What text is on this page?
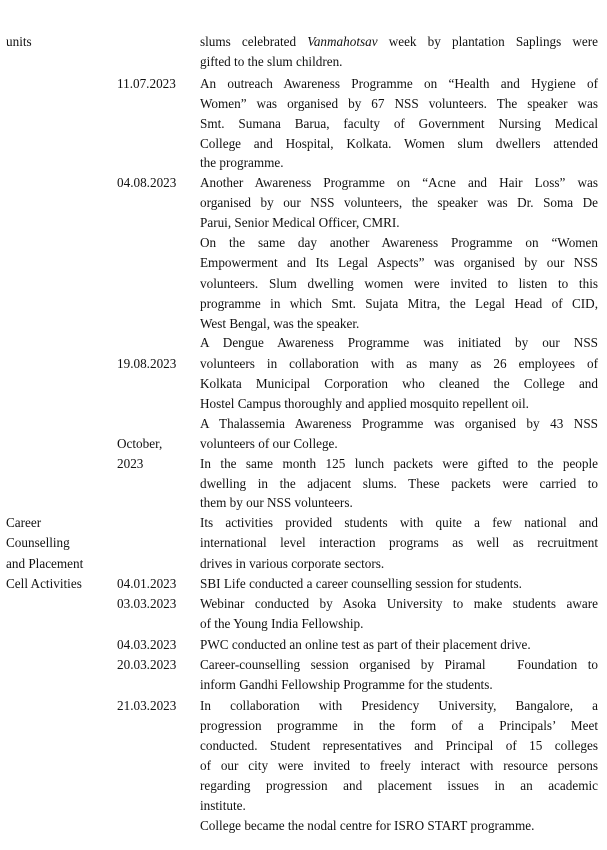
units
Career
Counselling
and Placement
Cell Activities
11.07.2023
04.08.2023
19.08.2023
October,
2023
04.01.2023
03.03.2023
04.03.2023
20.03.2023
21.03.2023
slums celebrated Vanmahotsav week by plantation Saplings were
gifted to the slum children.
An outreach Awareness Programme on “Health and Hygiene of
Women” was organised by 67 NSS volunteers. The speaker was
Smt. Sumana Barua, faculty of Government Nursing Medical
College and Hospital, Kolkata. Women slum dwellers attended
the programme.
Another Awareness Programme on “Acne and Hair Loss” was
organised by our NSS volunteers, the speaker was Dr. Soma De
Parui, Senior Medical Officer, CMRI.
On the same day another Awareness Programme on “Women
Empowerment and Its Legal Aspects” was organised by our NSS
volunteers. Slum dwelling women were invited to listen to this
programme in which Smt. Sujata Mitra, the Legal Head of CID,
West Bengal, was the speaker.
A Dengue Awareness Programme was initiated by our NSS
volunteers in collaboration with as many as 26 employees of
Kolkata Municipal Corporation who cleaned the College and
Hostel Campus thoroughly and applied mosquito repellent oil.
A Thalassemia Awareness Programme was organised by 43 NSS
volunteers of our College.
In the same month 125 lunch packets were gifted to the people
dwelling in the adjacent slums. These packets were carried to
them by our NSS volunteers.
Its activities provided students with quite a few national and
international level interaction programs as well as recruitment
drives in various corporate sectors.
SBI Life conducted a career counselling session for students.
Webinar conducted by Asoka University to make students aware
of the Young India Fellowship.
PWC conducted an online test as part of their placement drive.
Career-counselling session organised by Piramal   Foundation to
inform Gandhi Fellowship Programme for the students.
In collaboration with Presidency University, Bangalore, a
progression programme in the form of a Principals’ Meet
conducted. Student representatives and Principal of 15 colleges
of our city were invited to freely interact with resource persons
regarding progression and placement issues in an academic
institute.
College became the nodal centre for ISRO START programme.
